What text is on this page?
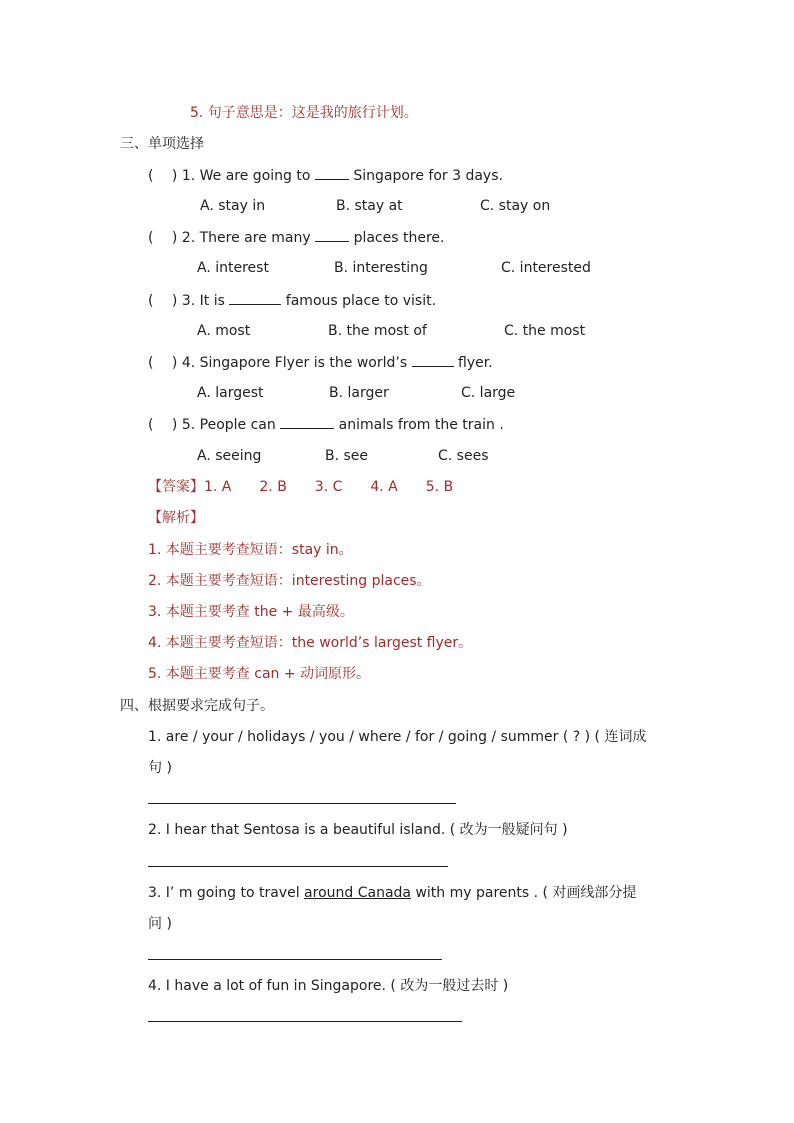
5. 句子意思是：这是我的旅行计划。
三、单项选择
(　 ) 1. We are going to	Singapore for 3 days.
A. stay in	B. stay at	C. stay on
(　 ) 2. There are many	places there.
A. interest	B. interesting	C. interested
(　 ) 3. It is	famous place to visit.
A. most	B. the most of	C. the most
(　 ) 4. Singapore Flyer is the world’s	flyer.
A. largest	B. larger	C. large
(　 ) 5. People can	animals from the train .
A. seeing	B. see	C. sees
【答案】1. A　　2. B　　3. C　　4. A　　5. B
【解析】
1. 本题主要考查短语：stay in。
2. 本题主要考查短语：interesting places。
3. 本题主要考查 the + 最高级。
4. 本题主要考查短语：the world’s largest flyer。
5. 本题主要考查 can + 动词原形。
四、根据要求完成句子。
1. are / your / holidays / you / where / for / going / summer ( ? ) ( 连词成
句 )
2. I hear that Sentosa is a beautiful island. ( 改为一般疑问句 )
3. I’ m going to travel around Canada with my parents . ( 对画线部分提
问 )
4. I have a lot of fun in Singapore. ( 改为一般过去时 )
